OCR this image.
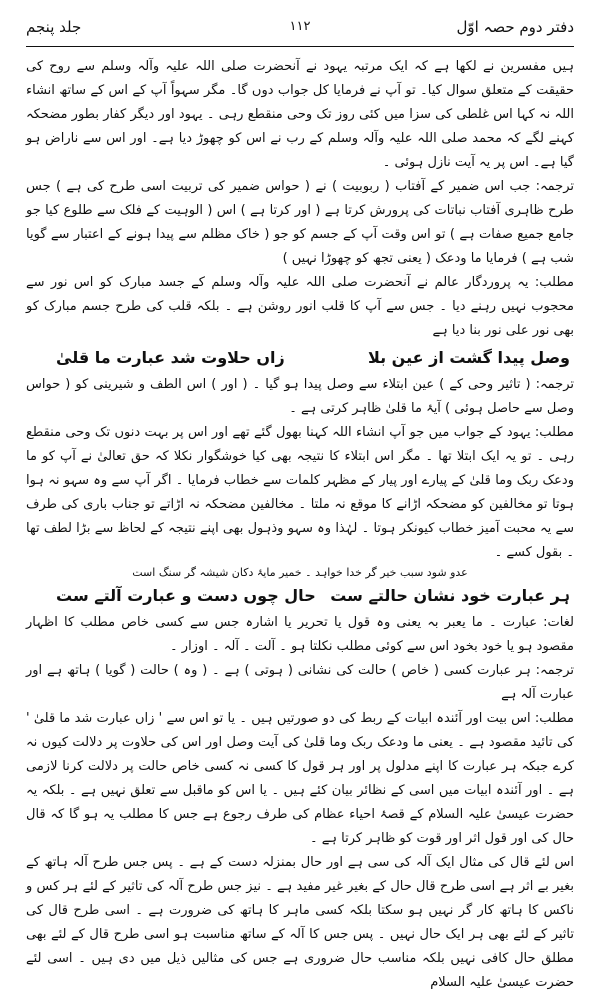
دفتر دوم حصہ اوّل
۱۱۲
جلد پنجم

ہیں مفسرین نے لکھا ہے کہ ایک مرتبہ یہود نے آنحضرت صلی اللہ علیہ وآلہ وسلم سے روح کی حقیقت کے متعلق سوال کیا۔ تو آپ نے فرمایا کل جواب دوں گا۔ مگر سہواً آپ کے اس کے ساتھ انشاء اللہ نہ کہا اس غلطی کی سزا میں کئی روز تک وحی منقطع رہی ۔ یہود اور دیگر کفار بطور مضحکہ کہنے لگے کہ محمد صلی اللہ علیہ وآلہ وسلم کے رب نے اس کو چھوڑ دیا ہے۔ اور اس سے ناراض ہو گیا ہے۔ اس پر یہ آیت نازل ہوئی ۔

ترجمہ: جب اس ضمیر کے آفتاب ( ربوبیت ) نے ( حواس ضمیر کی تربیت اسی طرح کی ہے ) جس طرح ظاہری آفتاب نباتات کی پرورش کرتا ہے ( اور کرتا ہے ) اس ( الوہیت کے فلک سے طلوع کیا جو جامع جمیع صفات ہے ) تو اس وقت آپ کے جسم کو جو ( خاک مظلم سے پیدا ہونے کے اعتبار سے گویا شب ہے ) فرمایا ما ودعک ( یعنی تجھ کو چھوڑا نہیں )

مطلب: یہ پروردگار عالم نے آنحضرت صلی اللہ علیہ وآلہ وسلم کے جسد مبارک کو اس نور سے محجوب نہیں رہنے دیا ۔ جس سے آپ کا قلب انور روشن ہے ۔ بلکہ قلب کی طرح جسم مبارک کو بھی نور علی نور بنا دیا ہے

وصل پیدا گشت از عین بلا
زاں حلاوت شد عبارت ما قلیٰ

ترجمہ: ( تاثیر وحی کے ) عین ابتلاء سے وصل پیدا ہو گیا ۔ ( اور ) اس الطف و شیرینی کو ( حواس وصل سے حاصل ہوئی ) آیۂ ما قلیٰ ظاہر کرتی ہے ۔

مطلب: یہود کے جواب میں جو آپ انشاء اللہ کہنا بھول گئے تھے اور اس پر بہت دنوں تک وحی منقطع رہی ۔ تو یہ ایک ابتلا تھا ۔ مگر اس ابتلاء کا نتیجہ بھی کیا خوشگوار نکلا کہ حق تعالیٰ نے آپ کو ما ودعک ربک وما قلیٰ کے پیارے اور پیار کے مظہر کلمات سے خطاب فرمایا ۔ اگر آپ سے وہ سہو نہ ہوا ہوتا تو مخالفین کو مضحکہ اڑانے کا موقع نہ ملتا ۔ مخالفین مضحکہ نہ اڑاتے تو جناب باری کی طرف سے یہ محبت آمیز خطاب کیونکر ہوتا ۔ لہٰذا وہ سہو وذہول بھی اپنے نتیجہ کے لحاظ سے بڑا لطف تھا ۔ بقول کسے ۔

عدو شود سبب خیر گر خدا خواہد ۔ خمیر مایۂ دکان شیشہ گر سنگ است

ہر عبارت خود نشان حالتے ست
حال چوں دست و عبارت آلتے ست

لغات: عبارت ۔ ما یعبر بہ یعنی وہ قول یا تحریر یا اشارہ جس سے کسی خاص مطلب کا اظہار مقصود ہو یا خود بخود اس سے کوئی مطلب نکلتا ہو ۔ آلت ۔ آلہ ۔ اوزار ۔

ترجمہ: ہر عبارت کسی ( خاص ) حالت کی نشانی ( ہوتی ) ہے ۔ ( وہ ) حالت ( گویا ) ہاتھ ہے اور عبارت آلہ ہے

مطلب: اس بیت اور آئندہ ابیات کے ربط کی دو صورتیں ہیں ۔ یا تو اس سے ' زاں عبارت شد ما قلیٰ ' کی تائید مقصود ہے ۔ یعنی ما ودعک ربک وما قلیٰ کی آیت وصل اور اس کی حلاوت پر دلالت کیوں نہ کرے جبکہ ہر عبارت کا اپنے مدلول پر اور ہر قول کا کسی نہ کسی خاص حالت پر دلالت کرنا لازمی ہے ۔ اور آئندہ ابیات میں اسی کے نظائر بیان کئے ہیں ۔ یا اس کو ماقبل سے تعلق نہیں ہے ۔ بلکہ یہ حضرت عیسیٰ علیہ السلام کے قصۂ احیاء عظام کی طرف رجوع ہے جس کا مطلب یہ ہو گا کہ قال حال کی اور قول اثر اور قوت کو ظاہر کرتا ہے ۔

اس لئے قال کی مثال ایک آلہ کی سی ہے اور حال بمنزلہ دست کے ہے ۔ پس جس طرح آلہ ہاتھ کے بغیر بے اثر ہے اسی طرح قال حال کے بغیر غیر مفید ہے ۔ نیز جس طرح آلہ کی تاثیر کے لئے ہر کس و ناکس کا ہاتھ کار گر نہیں ہو سکتا بلکہ کسی ماہر کا ہاتھ کی ضرورت ہے ۔ اسی طرح قال کی تاثیر کے لئے بھی ہر ایک حال نہیں ۔ پس جس کا آلہ کے ساتھ مناسبت ہو اسی طرح قال کے لئے بھی مطلق حال کافی نہیں بلکہ مناسب حال ضروری ہے جس کی مثالیں ذیل میں دی ہیں ۔ اسی لئے حضرت عیسیٰ علیہ السلام
